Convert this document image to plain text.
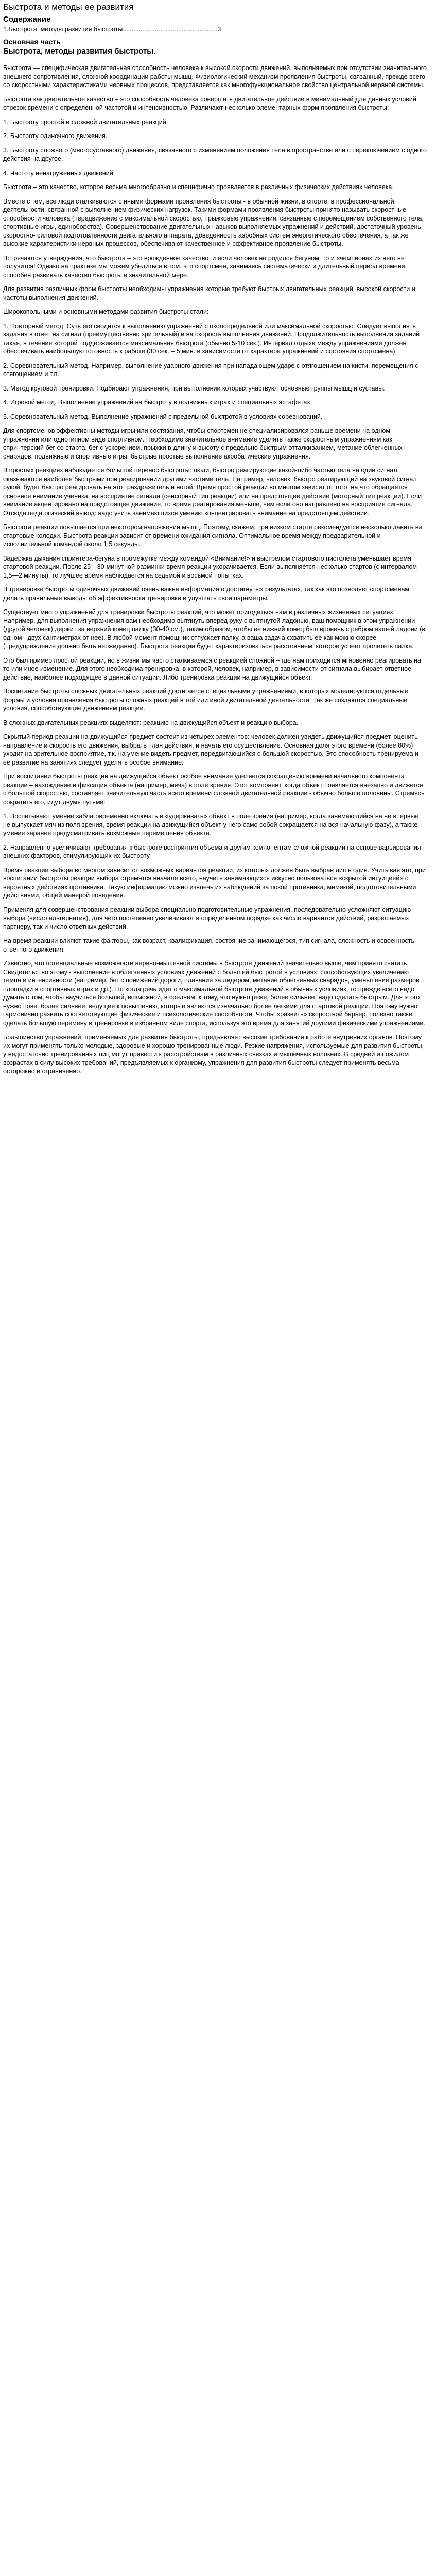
Быстрота и методы ее развития
Содержание

1.Быстрота, методы развития быстроты.....................................................3

Основная часть

Быстрота, методы развития быстроты.

Быстрота — специфическая двигательная способность человека к высокой скорости движений, выполняемых при отсутствии значительного внешнего сопротивления, сложной координации работы мышц. Физиологический механизм проявления быстроты, связанный, прежде всего со скоростными характеристиками нервных процессов, представляется как многофункциональное свойство центральной нервной системы.

Быстрота как двигательное качество – это способность человека совершать двигательное действие в минимальный для данных условий отрезок времени с определенной частотой и интенсивностью. Различают несколько элементарных форм проявления быстроты:

1. Быстроту простой и сложной двигательных реакций.

2. Быстроту одиночного движения.

3. Быстроту сложного (многосуставного) движения, связанного с изменением положения тела в пространстве или с переключением с одного действия на другое.

4. Частоту ненагруженных движений.

Быстрота – это качество, которое весьма многообразно и специфично проявляется в различных физических действиях человека.

Вместе с тем, все люди сталкиваются с иными формами проявления быстроты - в обычной жизни, в спорте, в профессиональной деятельности, связанной с выполнением физических нагрузок. Такими формами проявления быстроты принято называть скоростные способности человека (передвижение с максимальной скоростью, прыжковые упражнения, связанные с перемещением собственного тела, спортивные игры, единоборства). Совершенствование двигательных навыков выполняемых упражнений и действий, достаточный уровень скоростно- силовой подготовленности двигательного аппарата, доведенность аэробных систем энергетического обеспечения, а так же высокие характеристики нервных процессов, обеспечивают качественное и эффективное проявление быстроты.

Встречаются утверждения, что быстрота – это врожденное качество, и если человек не родился бегуном, то и «чемпиона» из него не получится! Однако на практике мы можем убедиться в том, что спортсмен, занимаясь систематически и длительный период времени, способен развивать качество быстроты в значительной мере.

Для развития различных форм быстроты необходимы упражнения которые требуют быстрых двигательных реакций, высокой скорости и частоты выполнения движений.

Широкопольными и основными методами развития быстроты стали:

1. Повторный метод. Суть его сводится к выполнению упражнений с околопредельной или максимальной скоростью. Следует выполнять задания в ответ на сигнал (преимущественно зрительный) и на скорость выполнения движений. Продолжительность выполнения заданий такая, в течение которой поддерживается максимальная быстрота (обычно 5-10 сек.). Интервал отдыха между упражнениями должен обеспечивать наибольшую готовность к работе (30 сек. – 5 мин. в зависимости от характера упражнений и состояния спортсмена).

2. Соревновательный метод. Например, выполнение ударного движения при нападающем ударе с отягощением на кисти, перемещения с отягощением и т.п.

3. Метод круговой тренировки. Подбирают упражнения, при выполнении которых участвуют основные группы мышц и суставы.

4. Игровой метод. Выполнение упражнений на быстроту в подвижных играх и специальных эстафетах.

5. Соревновательный метод. Выполнение упражнений с предельной быстротой в условиях соревнований.

Для спортсменов эффективны методы игры или состязания, чтобы спортсмен не специализировался раньше времени на одном упражнении или однотипном виде спортивном. Необходимо значительное внимание уделять также скоростным упражнениям как спринтерский бег со старта, бег с ускорением, прыжки в длину и высоту с предельно быстрым отталкиванием, метание облегченных снарядов, подвижные и спортивные игры, быстрые простые выполнение акробатические упражнения.

В простых реакциях наблюдается большой перенос быстроты: люди, быстро реагирующие какой-либо частью тела на один сигнал, оказываются наиболее быстрыми при реагировании другими частями тела. Например, человек, быстро реагирующий на звуковой сигнал рукой, будет быстро реагировать на этот раздражитель и ногой. Время простой реакции во многом зависит от того, на что обращается основное внимание ученика: на восприятие сигнала (сенсорный тип реакции) или на предстоящее действие (моторный тип реакции). Если внимание акцентировано на предстоящее движение, то время реагирования меньше, чем если оно направлено на восприятие сигнала. Отсюда педагогический вывод: надо учить занимающихся умению концентрировать внимание на предстоящем действии.

Быстрота реакции повышается при некотором напряжении мышц. Поэтому, скажем, при низком старте рекомендуется несколько давить на стартовые колодки. Быстрота реакции зависит от времени ожидания сигнала. Оптимальное время между предварительной и исполнительной командой около 1,5 секунды.

Задержка дыхания спринтера-бегуна в промежутке между командой «Внимание!» и выстрелом стартового пистолета уменьшает время стартовой реакции. После 25—30-минутной разминки время реакции укорачивается. Если выполняется несколько стартов (с интервалом 1,5—2 минуты), то лучшее время наблюдается на седьмой и восьмой попытках.

В тренировке быстроты одиночных движений очень важна информация о достигнутых результатах, так как это позволяет спортсменам делать правильные выводы об эффективности тренировки и улучшать свои параметры.

Существует много упражнений для тренировки быстроты реакций, что может пригодиться нам в различных жизненных ситуациях. Например, для выполнения упражнения вам необходимо вытянуть вперед руку с вытянутой ладонью, ваш помощник в этом упражнении (другой человек) держит за верхний конец палку (30-40 см.), таким образом, чтобы ее нижний конец был вровень с ребром вашей ладони (в одном - двух сантиметрах от нее). В любой момент помощник отпускает палку, а ваша задача схватить ее как можно скорее (предупреждение должно быть неожиданно). Быстрота реакции будет характеризоваться расстоянием, которое успеет пролететь палка.

Это был пример простой реакции, но в жизни мы часто сталкиваемся с реакцией сложной – где нам приходится мгновенно реагировать на то или иное изменение. Для этого необходима тренировка, в которой, человек, например, в зависимости от сигнала выбирает ответное действие, наиболее подходящее в данной ситуации. Либо тренировка реакции на движущийся объект.

Воспитание быстроты сложных двигательных реакций достигается специальными упражнениями, в которых моделируются отдельные формы и условия проявления быстроты сложных реакций в той или иной двигательной деятельности. Так же создаются специальные условия, способствующие движениям реакции.

В сложных двигательных реакциях выделяют: реакцию на движущийся объект и реакцию выбора.

Скрытый период реакции на движущийся предмет состоит из четырех элементов: человек должен увидеть движущийся предмет, оценить направление и скорость его движения, выбрать план действия, и начать его осуществление. Основная доля этого времени (более 80%) уходит на зрительное восприятие, т.к. на умение видеть предмет, передвигающийся с большой скоростью. Это способность тренируема и ее развитие на занятиях следует уделять особое внимание.

При воспитании быстроты реакции на движущийся объект особое внимание уделяется сокращению времени начального компонента реакции – нахождение и фиксация объекта (например, мяча) в поле зрения. Этот компонент, когда объект появляется внезапно и движется с большой скоростью, составляет значительную часть всего времени сложной двигательной реакции - обычно больше половины. Стремясь сократить его, идут двумя путями:

1. Воспитывают умение заблаговременно включать и «удерживать» объект в поле зрения (например, когда занимающийся на не впервые не выпускает мяч из поля зрения, время реакции на движущийся объект у него само собой сокращается на вся начальную фазу), а также умение заранее предусматривать возможные перемещения объекта.

2. Направленно увеличивают требования к быстроте восприятия объема и другим компонентам сложной реакции на основе варьирования внешних факторов, стимулирующих их быстроту.

Время реакции выбора во многом зависит от возможных вариантов реакции, из которых должен быть выбран лишь один. Учитывая это, при воспитании быстроты реакции выбора стремятся вначале всего, научить занимающихся искусно пользоваться «скрытой интуицией» о вероятных действиях противника. Такую информацию можно извлечь из наблюдений за позой противника, мимикой, подготовительными действиями, общей манерой поведения.

Применяя для совершенствования реакции выбора специально подготовительные упражнения, последовательно усложняют ситуацию выбора (число альтернатив), для чего постепенно увеличивают в определенном порядке как число вариантов действий, разрешаемых партнеру, так и число ответных действий.

На время реакции влияют такие факторы, как возраст, квалификация, состояние занимающегося, тип сигнала, сложность и освоенность ответного движения.

Известно, что потенциальные возможности нервно-мышечной системы в быстроте движений значительно выше, чем принято считать. Свидетельство этому - выполнение в облегченных условиях движений с большей быстротой в условиях, способствующих увеличению темпа и интенсивности (например, бег с понижений дороги, плавание за лидером, метание облегченных снарядов, уменьшение размеров площадки в спортивных играх и др.). Но когда речь идет о максимальной быстроте движений в обычных условиях, то прежде всего надо думать о том, чтобы научиться большей, возможной, в среднем, к тому, что нужно реже, более сильнее, надо сделать быстрым. Для этого нужно пове. более сильнее, ведущие к повышению, которые являются изначально более легкими для стартовой реакции. Поэтому нужно гармонично развить соответствующие физические и психологические способности. Чтобы «развить» скоростной барьер, полезно также сделать большую перемену в тренировке в избранном виде спорта, используя это время для занятий другими физическими упражнениями.

Большинство упражнений, применяемых для развития быстроты, предъявляет высокие требования к работе внутренних органов. Поэтому их могут применять только молодые, здоровые и хорошо тренированные люди. Резкие напряжения, используемые для развития быстроты, у недостаточно тренированных лиц могут привести к расстройствам в различных связках и мышечных волокнах. В средней и пожилом возрастах в силу высоких требований, предъявляемых к организму, упражнения для развития быстроты следует применять весьма осторожно и ограниченно.
